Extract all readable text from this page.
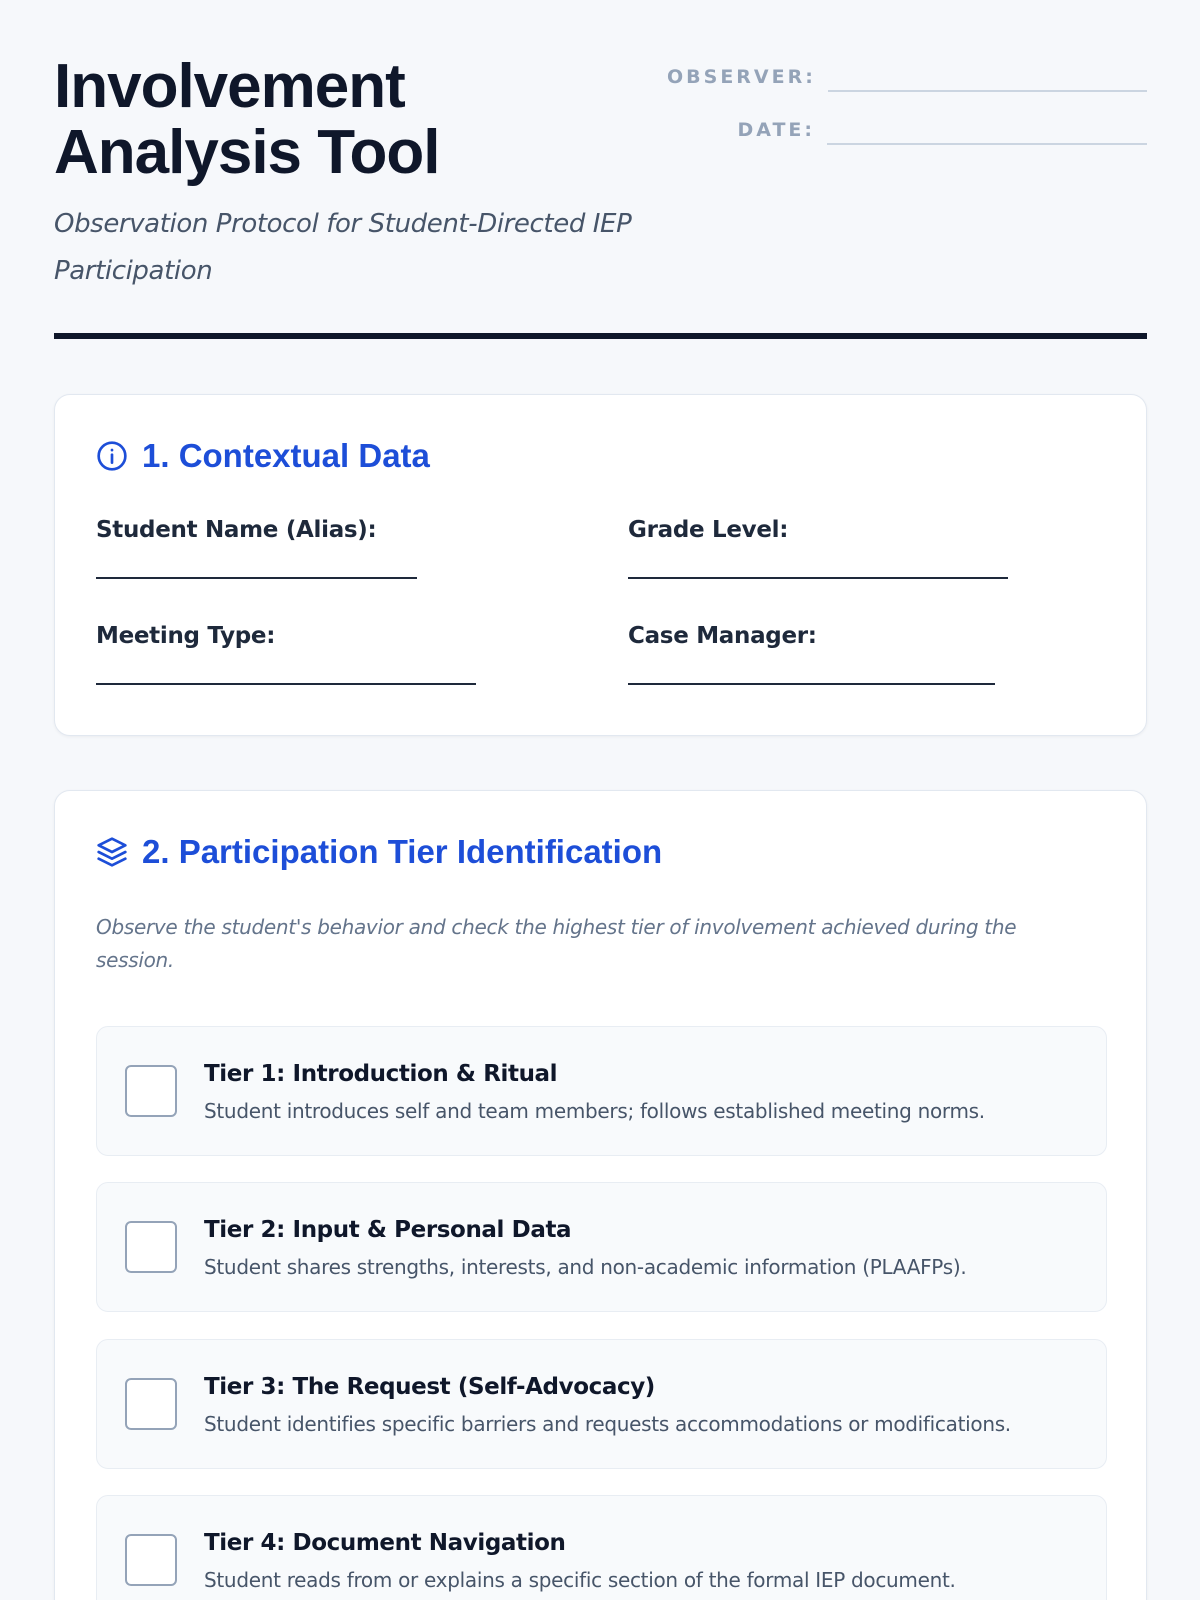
Involvement
Analysis Tool
Observation Protocol for Student-Directed IEP Participation
OBSERVER:
DATE:
1. Contextual Data
Student Name (Alias):	Grade Level:
Meeting Type:	Case Manager:
2. Participation Tier Identification
Observe the student's behavior and check the highest tier of involvement achieved during the session.
Tier 1: Introduction & Ritual
Student introduces self and team members; follows established meeting norms.
Tier 2: Input & Personal Data
Student shares strengths, interests, and non-academic information (PLAAFPs).
Tier 3: The Request (Self-Advocacy)
Student identifies specific barriers and requests accommodations or modifications.
Tier 4: Document Navigation
Student reads from or explains a specific section of the formal IEP document.
